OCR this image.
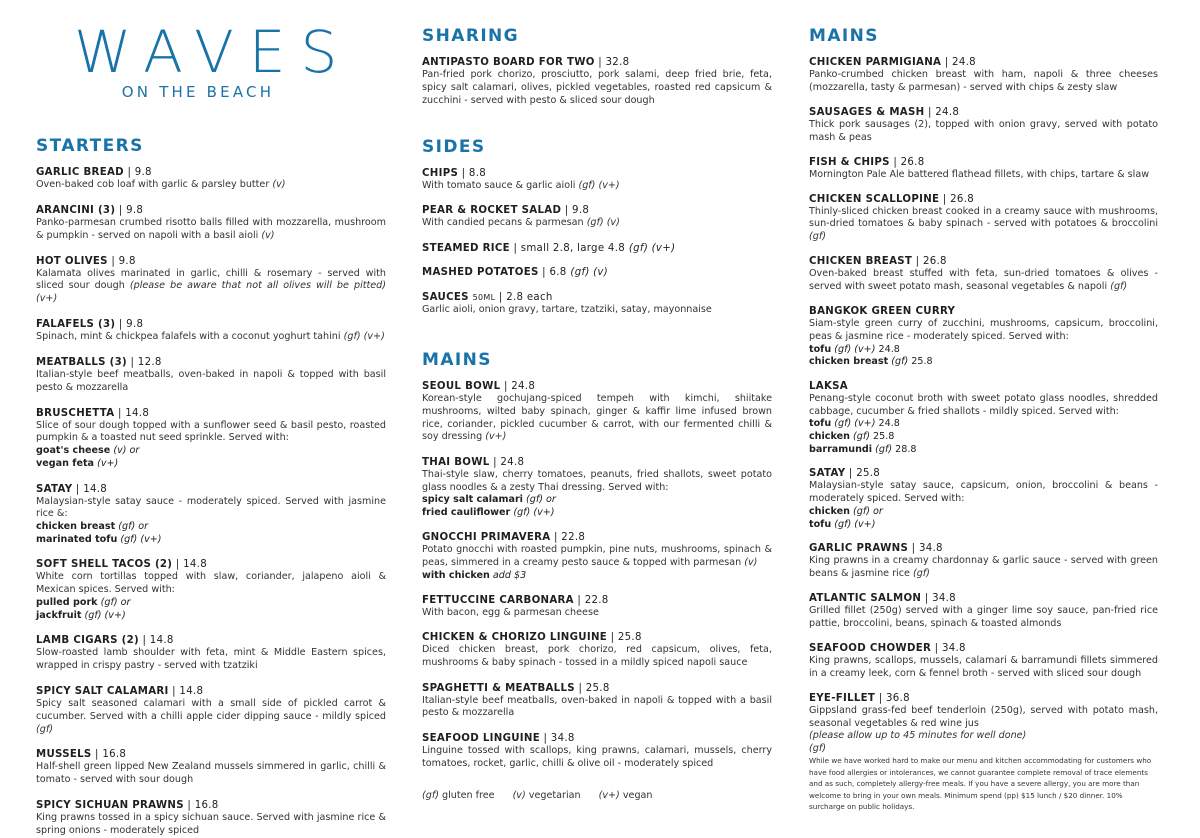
WAVES
ON THE BEACH
STARTERS
GARLIC BREAD | 9.8
Oven-baked cob loaf with garlic & parsley butter (v)
ARANCINI (3) | 9.8
Panko-parmesan crumbed risotto balls filled with mozzarella, mushroom & pumpkin - served on napoli with a basil aioli (v)
HOT OLIVES | 9.8
Kalamata olives marinated in garlic, chilli & rosemary - served with sliced sour dough (please be aware that not all olives will be pitted) (v+)
FALAFELS (3) | 9.8
Spinach, mint & chickpea falafels with a coconut yoghurt tahini (gf) (v+)
MEATBALLS (3) | 12.8
Italian-style beef meatballs, oven-baked in napoli & topped with basil pesto & mozzarella
BRUSCHETTA | 14.8
Slice of sour dough topped with a sunflower seed & basil pesto, roasted pumpkin & a toasted nut seed sprinkle. Served with:
goat's cheese (v) or
vegan feta (v+)
SATAY | 14.8
Malaysian-style satay sauce - moderately spiced. Served with jasmine rice &:
chicken breast (gf) or
marinated tofu (gf) (v+)
SOFT SHELL TACOS (2) | 14.8
White corn tortillas topped with slaw, coriander, jalapeno aioli & Mexican spices. Served with:
pulled pork (gf) or
jackfruit (gf) (v+)
LAMB CIGARS (2) | 14.8
Slow-roasted lamb shoulder with feta, mint & Middle Eastern spices, wrapped in crispy pastry - served with tzatziki
SPICY SALT CALAMARI | 14.8
Spicy salt seasoned calamari with a small side of pickled carrot & cucumber. Served with a chilli apple cider dipping sauce - mildly spiced (gf)
MUSSELS | 16.8
Half-shell green lipped New Zealand mussels simmered in garlic, chilli & tomato - served with sour dough
SPICY SICHUAN PRAWNS | 16.8
King prawns tossed in a spicy sichuan sauce. Served with jasmine rice & spring onions - moderately spiced
SHARING
ANTIPASTO BOARD FOR TWO | 32.8
Pan-fried pork chorizo, prosciutto, pork salami, deep fried brie, feta, spicy salt calamari, olives, pickled vegetables, roasted red capsicum & zucchini - served with pesto & sliced sour dough
SIDES
CHIPS | 8.8
With tomato sauce & garlic aioli (gf) (v+)
PEAR & ROCKET SALAD | 9.8
With candied pecans & parmesan (gf) (v)
STEAMED RICE | small 2.8, large 4.8 (gf) (v+)
MASHED POTATOES | 6.8 (gf) (v)
SAUCES 50ML | 2.8 each
Garlic aioli, onion gravy, tartare, tzatziki, satay, mayonnaise
MAINS
SEOUL BOWL | 24.8
Korean-style gochujang-spiced tempeh with kimchi, shiitake mushrooms, wilted baby spinach, ginger & kaffir lime infused brown rice, coriander, pickled cucumber & carrot, with our fermented chilli & soy dressing (v+)
THAI BOWL | 24.8
Thai-style slaw, cherry tomatoes, peanuts, fried shallots, sweet potato glass noodles & a zesty Thai dressing. Served with:
spicy salt calamari (gf) or
fried cauliflower (gf) (v+)
GNOCCHI PRIMAVERA | 22.8
Potato gnocchi with roasted pumpkin, pine nuts, mushrooms, spinach & peas, simmered in a creamy pesto sauce & topped with parmesan (v)
with chicken add $3
FETTUCCINE CARBONARA | 22.8
With bacon, egg & parmesan cheese
CHICKEN & CHORIZO LINGUINE | 25.8
Diced chicken breast, pork chorizo, red capsicum, olives, feta, mushrooms & baby spinach - tossed in a mildly spiced napoli sauce
SPAGHETTI & MEATBALLS | 25.8
Italian-style beef meatballs, oven-baked in napoli & topped with a basil pesto & mozzarella
SEAFOOD LINGUINE | 34.8
Linguine tossed with scallops, king prawns, calamari, mussels, cherry tomatoes, rocket, garlic, chilli & olive oil - moderately spiced
MAINS
CHICKEN PARMIGIANA | 24.8
Panko-crumbed chicken breast with ham, napoli & three cheeses (mozzarella, tasty & parmesan) - served with chips & zesty slaw
SAUSAGES & MASH | 24.8
Thick pork sausages (2), topped with onion gravy, served with potato mash & peas
FISH & CHIPS | 26.8
Mornington Pale Ale battered flathead fillets, with chips, tartare & slaw
CHICKEN SCALLOPINE | 26.8
Thinly-sliced chicken breast cooked in a creamy sauce with mushrooms, sun-dried tomatoes & baby spinach - served with potatoes & broccolini (gf)
CHICKEN BREAST | 26.8
Oven-baked breast stuffed with feta, sun-dried tomatoes & olives - served with sweet potato mash, seasonal vegetables & napoli (gf)
BANGKOK GREEN CURRY
Siam-style green curry of zucchini, mushrooms, capsicum, broccolini, peas & jasmine rice - moderately spiced. Served with:
tofu (gf) (v+) 24.8
chicken breast (gf) 25.8
LAKSA
Penang-style coconut broth with sweet potato glass noodles, shredded cabbage, cucumber & fried shallots - mildly spiced. Served with:
tofu (gf) (v+) 24.8
chicken (gf) 25.8
barramundi (gf) 28.8
SATAY | 25.8
Malaysian-style satay sauce, capsicum, onion, broccolini & beans - moderately spiced. Served with:
chicken (gf) or
tofu (gf) (v+)
GARLIC PRAWNS | 34.8
King prawns in a creamy chardonnay & garlic sauce - served with green beans & jasmine rice (gf)
ATLANTIC SALMON | 34.8
Grilled fillet (250g) served with a ginger lime soy sauce, pan-fried rice pattie, broccolini, beans, spinach & toasted almonds
SEAFOOD CHOWDER | 34.8
King prawns, scallops, mussels, calamari & barramundi fillets simmered in a creamy leek, corn & fennel broth - served with sliced sour dough
EYE-FILLET | 36.8
Gippsland grass-fed beef tenderloin (250g), served with potato mash, seasonal vegetables & red wine jus
(please allow up to 45 minutes for well done)
(gf)
(gf) gluten free (v) vegetarian (v+) vegan
While we have worked hard to make our menu and kitchen accommodating for customers who have food allergies or intolerances, we cannot guarantee complete removal of trace elements and as such, completely allergy-free meals. If you have a severe allergy, you are more than welcome to bring in your own meals. Minimum spend (pp) $15 lunch / $20 dinner. 10% surcharge on public holidays.
